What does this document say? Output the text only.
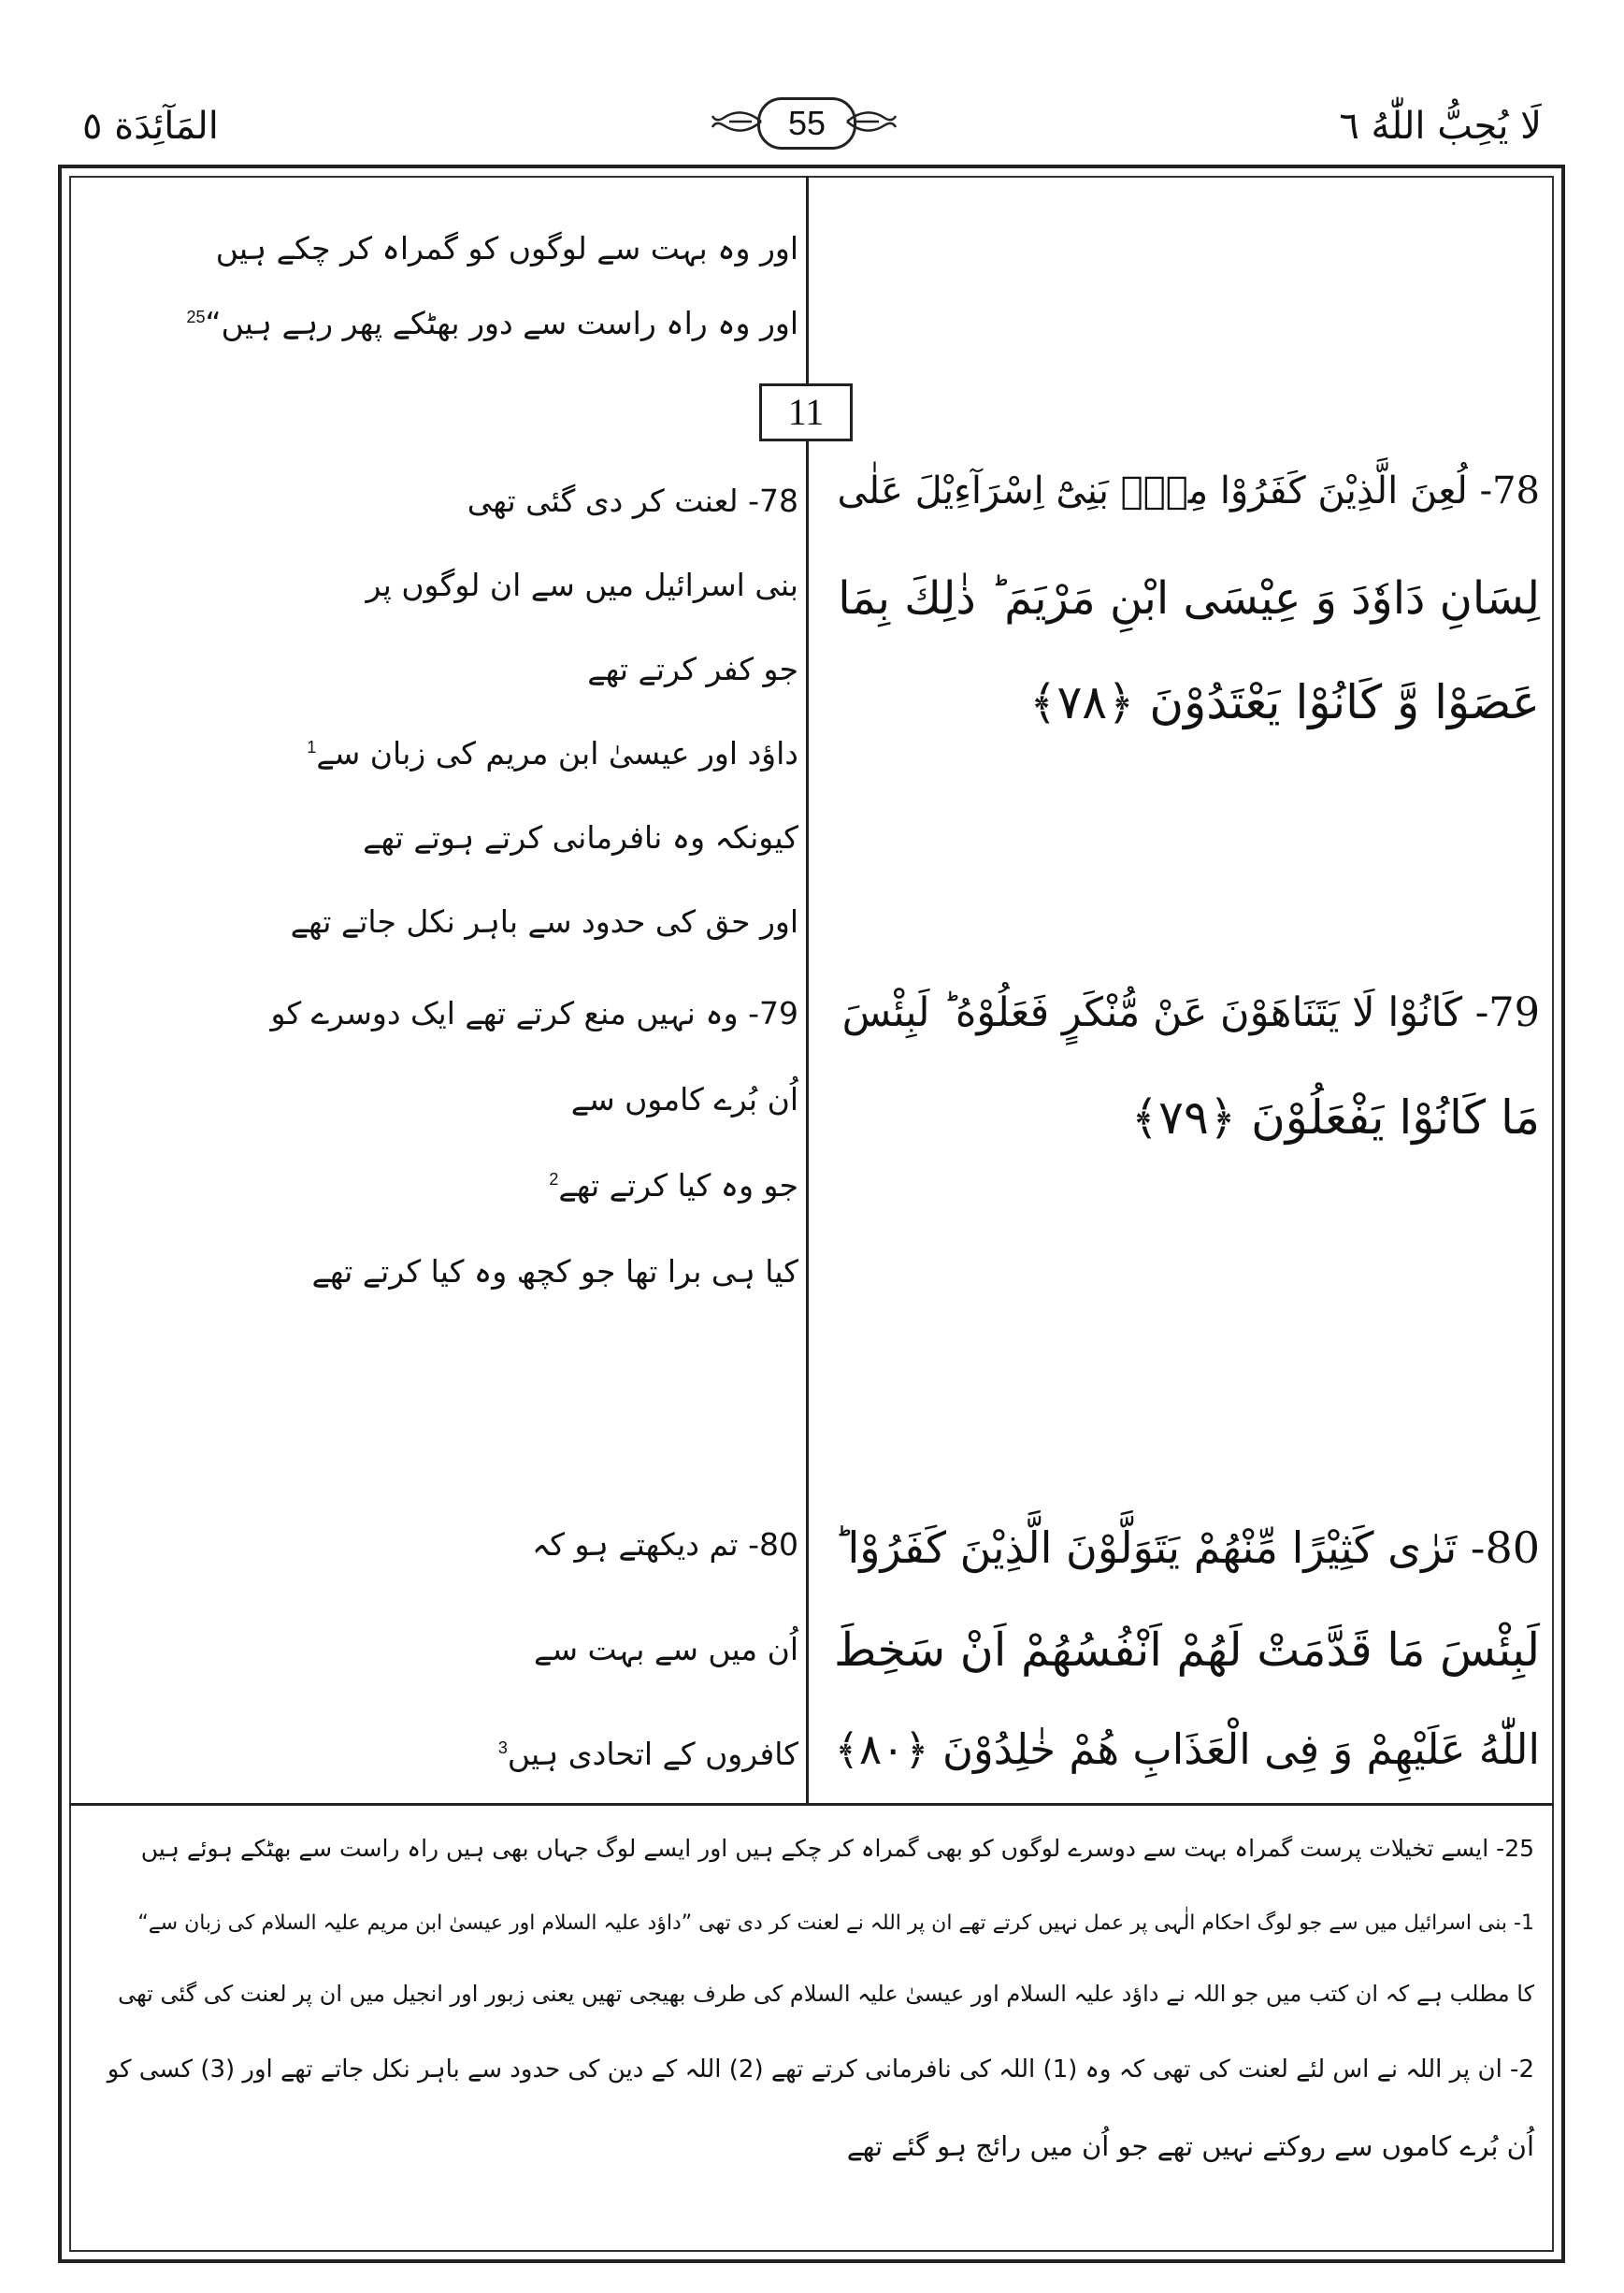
لَا یُحِبُّ اللّٰهُ ٦
المَآئِدَة ٥	55
اور وہ بہت سے لوگوں کو گمراہ کر چکے ہیں
اور وہ راہ راست سے دور بھٹکے پھر رہے ہیں“$^{25}$
11
78- لُعِنَ الَّذِیْنَ كَفَرُوْا مِنْۢ بَنِیْٓ اِسْرَآءِیْلَ عَلٰی
لِسَانِ دَاوٗدَ وَ عِیْسَی ابْنِ مَرْیَمَ ؕ ذٰلِكَ بِمَا
عَصَوْا وَّ كَانُوْا یَعْتَدُوْنَ ﴿۷۸﴾
78- لعنت کر دی گئی تھی
بنی اسرائیل میں سے ان لوگوں پر
جو کفر کرتے تھے
داؤد اور عیسیٰ ابن مریم کی زبان سے$^1$
کیونکہ وہ نافرمانی کرتے ہوتے تھے
اور حق کی حدود سے باہر نکل جاتے تھے
79- كَانُوْا لَا یَتَنَاهَوْنَ عَنْ مُّنْكَرٍ فَعَلُوْهُ ؕ لَبِئْسَ
مَا كَانُوْا یَفْعَلُوْنَ ﴿۷۹﴾
79- وہ نہیں منع کرتے تھے ایک دوسرے کو
اُن بُرے کاموں سے
جو وہ کیا کرتے تھے$^2$
کیا ہی برا تھا جو کچھ وہ کیا کرتے تھے
80- تَرٰی كَثِیْرًا مِّنْهُمْ یَتَوَلَّوْنَ الَّذِیْنَ كَفَرُوْا ؕ
لَبِئْسَ مَا قَدَّمَتْ لَهُمْ اَنْفُسُهُمْ اَنْ سَخِطَ
اللّٰهُ عَلَیْهِمْ وَ فِی الْعَذَابِ هُمْ خٰلِدُوْنَ ﴿۸۰﴾
80- تم دیکھتے ہو کہ
اُن میں سے بہت سے
کافروں کے اتحادی ہیں$^3$
25- ایسے تخیلات پرست گمراہ بہت سے دوسرے لوگوں کو بھی گمراہ کر چکے ہیں اور ایسے لوگ جہاں بھی ہیں راہ راست سے بھٹکے ہوئے ہیں
1- بنی اسرائیل میں سے جو لوگ احکام الٰہی پر عمل نہیں کرتے تھے ان پر اللہ نے لعنت کر دی تھی ”داؤد علیہ السلام اور عیسیٰ ابن مریم علیہ السلام کی زبان سے“
کا مطلب ہے کہ ان کتب میں جو اللہ نے داؤد علیہ السلام اور عیسیٰ علیہ السلام کی طرف بھیجی تھیں یعنی زبور اور انجیل میں ان پر لعنت کی گئی تھی
2- ان پر اللہ نے اس لئے لعنت کی تھی کہ وہ (1) اللہ کی نافرمانی کرتے تھے (2) اللہ کے دین کی حدود سے باہر نکل جاتے تھے اور (3) کسی کو
اُن بُرے کاموں سے روکتے نہیں تھے جو اُن میں رائج ہو گئے تھے
